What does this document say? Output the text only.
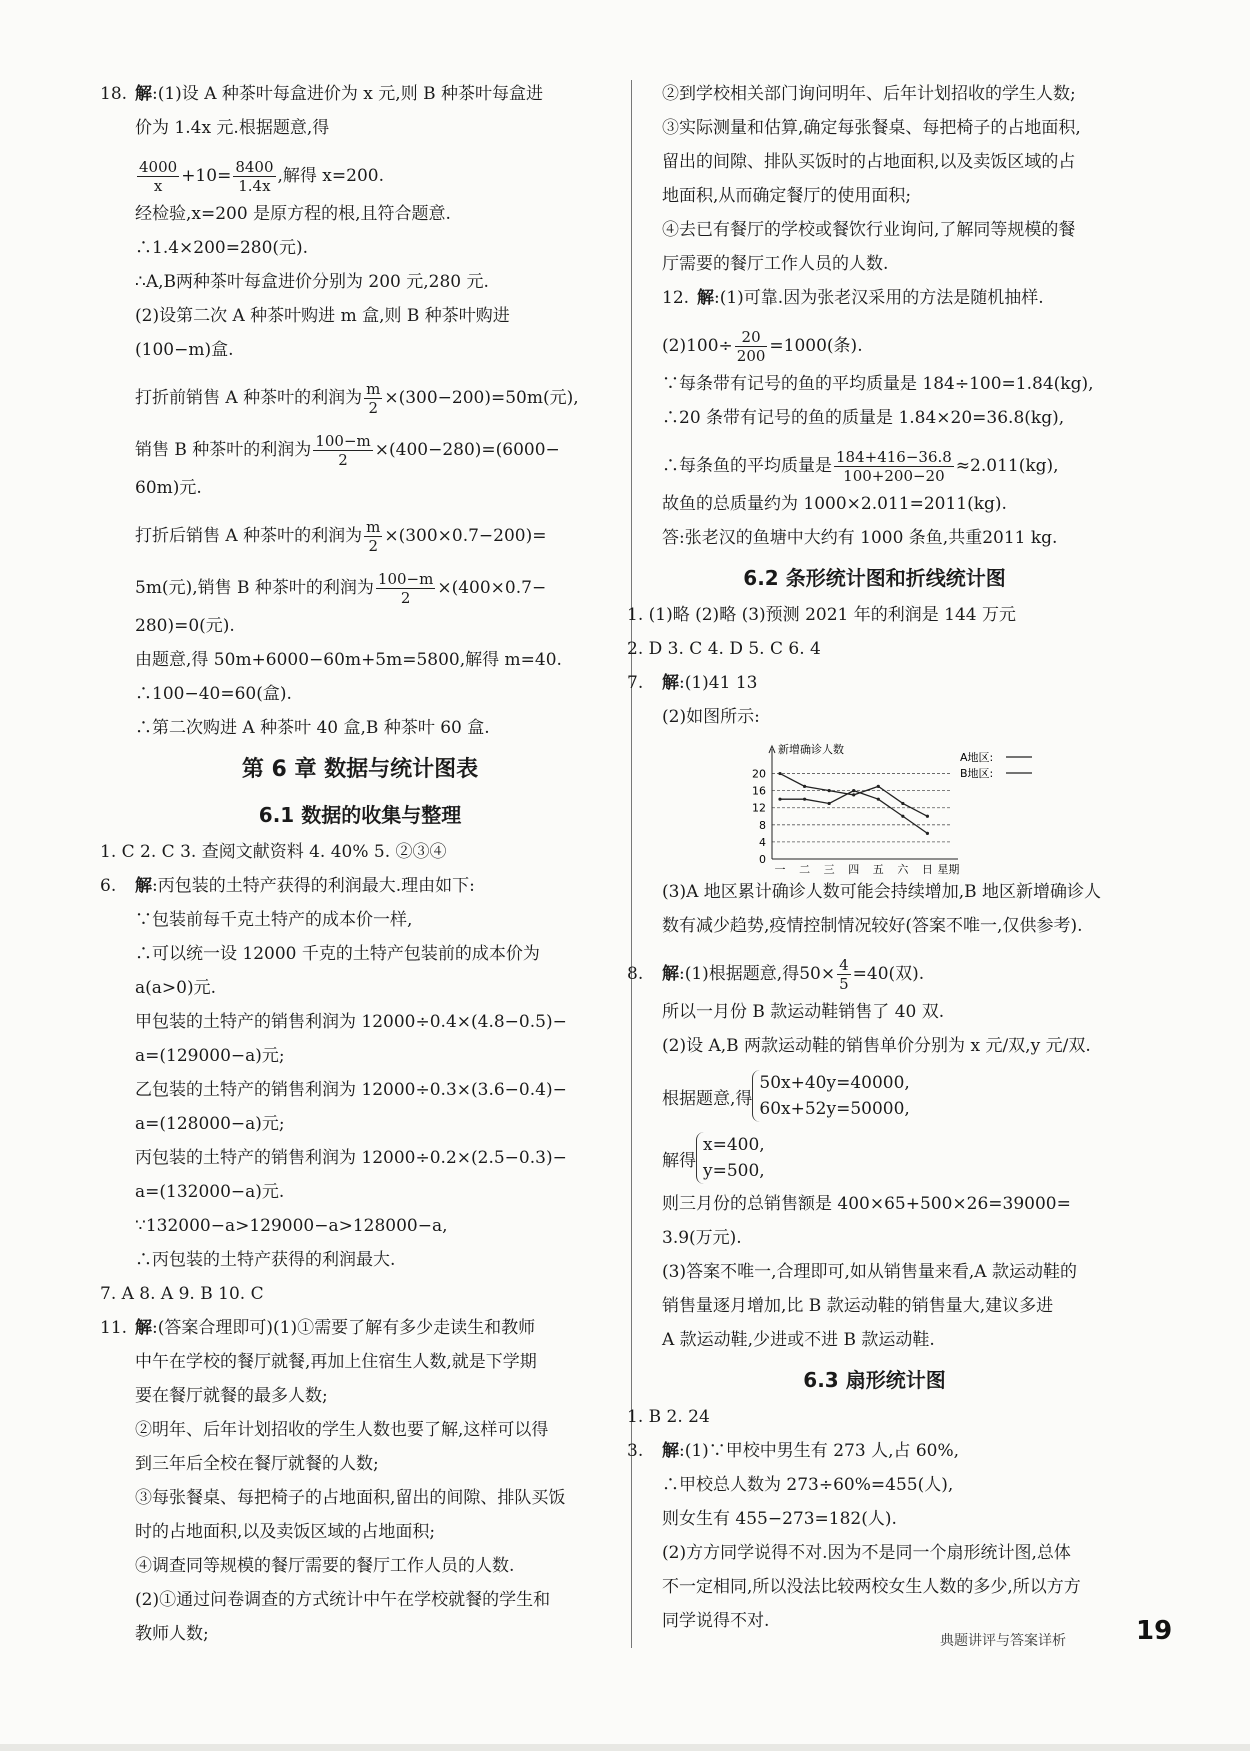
18. 解:(1)设 A 种茶叶每盒进价为 x 元,则 B 种茶叶每盒进
价为 1.4x 元.根据题意,得
$\frac{4000}{x} +10= \frac{8400}{1.4x}$ ,解得 x=200.
经检验,x=200 是原方程的根,且符合题意.
∴1.4×200=280(元).
∴A,B两种茶叶每盒进价分别为 200 元,280 元.
(2)设第二次 A 种茶叶购进 m 盒,则 B 种茶叶购进
(100−m)盒.
打折前销售 A 种茶叶的利润为 $\frac{m}{2} \times(300-200)=50m$(元),
销售 B 种茶叶的利润为 $\frac{100-m}{2} \times(400-280)=(6000-$
60m)元.
打折后销售 A 种茶叶的利润为 $\frac{m}{2} \times(300\times 0.7-200)=$
5m(元),销售 B 种茶叶的利润为 $\frac{100-m}{2} \times(400\times 0.7-$
280)=0(元).
由题意,得 50m+6000−60m+5m=5800,解得 m=40.
∴100−40=60(盒).
∴第二次购进 A 种茶叶 40 盒,B 种茶叶 60 盒.
第 6 章 数据与统计图表
6.1 数据的收集与整理
1. C 2. C 3. 查阅文献资料 4. 40% 5. ②③④
6. 解:丙包装的土特产获得的利润最大.理由如下:
∵包装前每千克土特产的成本价一样,
∴可以统一设 12000 千克的土特产包装前的成本价为
a(a>0)元.
甲包装的土特产的销售利润为 12000÷0.4×(4.8−0.5)−
a=(129000−a)元;
乙包装的土特产的销售利润为 12000÷0.3×(3.6−0.4)−
a=(128000−a)元;
丙包装的土特产的销售利润为 12000÷0.2×(2.5−0.3)−
a=(132000−a)元.
∵132000−a>129000−a>128000−a,
∴丙包装的土特产获得的利润最大.
7. A 8. A 9. B 10. C
11. 解:(答案合理即可)(1)①需要了解有多少走读生和教师
中午在学校的餐厅就餐,再加上住宿生人数,就是下学期
要在餐厅就餐的最多人数;
②明年、后年计划招收的学生人数也要了解,这样可以得
到三年后全校在餐厅就餐的人数;
③每张餐桌、每把椅子的占地面积,留出的间隙、排队买饭
时的占地面积,以及卖饭区域的占地面积;
④调查同等规模的餐厅需要的餐厅工作人员的人数.
(2)①通过问卷调查的方式统计中午在学校就餐的学生和
教师人数;
②到学校相关部门询问明年、后年计划招收的学生人数;
③实际测量和估算,确定每张餐桌、每把椅子的占地面积,
留出的间隙、排队买饭时的占地面积,以及卖饭区域的占
地面积,从而确定餐厅的使用面积;
④去已有餐厅的学校或餐饮行业询问,了解同等规模的餐
厅需要的餐厅工作人员的人数.
12. 解:(1)可靠.因为张老汉采用的方法是随机抽样.
$(2)100\div \frac{20}{200} =1000$(条).
∵每条带有记号的鱼的平均质量是 184÷100=1.84(kg),
∴20 条带有记号的鱼的质量是 1.84×20=36.8(kg),
∴每条鱼的平均质量是 $\frac{184+416-36.8}{100+200-20} \approx 2.011(kg)$,
故鱼的总质量约为 1000×2.011=2011(kg).
答:张老汉的鱼塘中大约有 1000 条鱼,共重2011 kg.
6.2 条形统计图和折线统计图
1. (1)略 (2)略 (3)预测 2021 年的利润是 144 万元
2. D 3. C 4. D 5. C 6. 4
7. 解:(1)41 13
(2)如图所示:
0
4
8
12
16
20
新增确诊人数
一 二 三 四 五 六 日 星期
A地区:
B地区:
(3)A 地区累计确诊人数可能会持续增加,B 地区新增确诊人
数有减少趋势,疫情控制情况较好(答案不唯一,仅供参考).
8. 解:(1)根据题意,得$50\times \frac{4}{5} =40$(双).
所以一月份 B 款运动鞋销售了 40 双.
(2)设 A,B 两款运动鞋的销售单价分别为 x 元/双,y 元/双.
根据题意,得
50x+40y=40000,
60x+52y=50000,
解得
x=400,
y=500,
则三月份的总销售额是 400×65+500×26=39000=
3.9(万元).
(3)答案不唯一,合理即可,如从销售量来看,A 款运动鞋的
销售量逐月增加,比 B 款运动鞋的销售量大,建议多进
A 款运动鞋,少进或不进 B 款运动鞋.
6.3 扇形统计图
1. B 2. 24
3. 解:(1)∵甲校中男生有 273 人,占 60%,
∴甲校总人数为 273÷60%=455(人),
则女生有 455−273=182(人).
(2)方方同学说得不对.因为不是同一个扇形统计图,总体
不一定相同,所以没法比较两校女生人数的多少,所以方方
同学说得不对.
典题讲评与答案详析	19
